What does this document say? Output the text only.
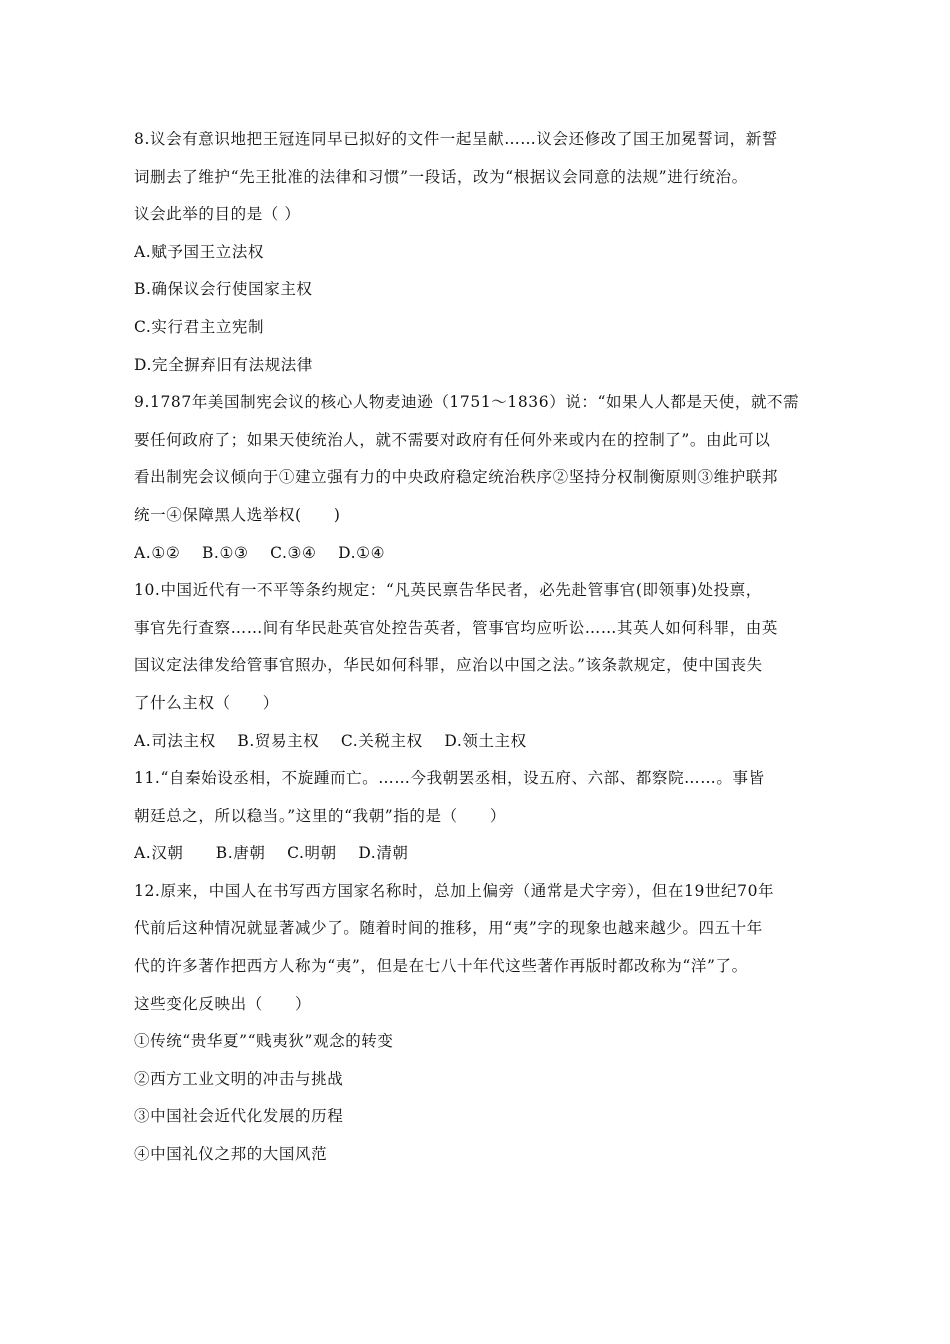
8.议会有意识地把王冠连同早已拟好的文件一起呈献……议会还修改了国王加冕誓词，新誓
词删去了维护“先王批准的法律和习惯”一段话，改为“根据议会同意的法规”进行统治。
议会此举的目的是（ ）
A.赋予国王立法权
B.确保议会行使国家主权
C.实行君主立宪制
D.完全摒弃旧有法规法律
9.1787年美国制宪会议的核心人物麦迪逊（1751～1836）说：“如果人人都是天使，就不需
要任何政府了；如果天使统治人，就不需要对政府有任何外来或内在的控制了”。由此可以
看出制宪会议倾向于①建立强有力的中央政府稳定统治秩序②坚持分权制衡原则③维护联邦
统一④保障黑人选举权(　　)
A.①②　 B.①③　 C.③④　 D.①④
10.中国近代有一不平等条约规定：“凡英民禀告华民者，必先赴管事官(即领事)处投禀，
事官先行查察……间有华民赴英官处控告英者，管事官均应听讼……其英人如何科罪，由英
国议定法律发给管事官照办，华民如何科罪，应治以中国之法。”该条款规定，使中国丧失
了什么主权（　　）
A.司法主权　 B.贸易主权　 C.关税主权　 D.领土主权
11.“自秦始设丞相，不旋踵而亡。……今我朝罢丞相，设五府、六部、都察院……。事皆
朝廷总之，所以稳当。”这里的“我朝”指的是（　　）
A.汉朝　　B.唐朝　 C.明朝　 D.清朝
12.原来，中国人在书写西方国家名称时，总加上偏旁（通常是犬字旁），但在19世纪70年
代前后这种情况就显著减少了。随着时间的推移，用“夷”字的现象也越来越少。四五十年
代的许多著作把西方人称为“夷”，但是在七八十年代这些著作再版时都改称为“洋”了。
这些变化反映出（　　）
①传统“贵华夏”“贱夷狄”观念的转变
②西方工业文明的冲击与挑战
③中国社会近代化发展的历程
④中国礼仪之邦的大国风范
